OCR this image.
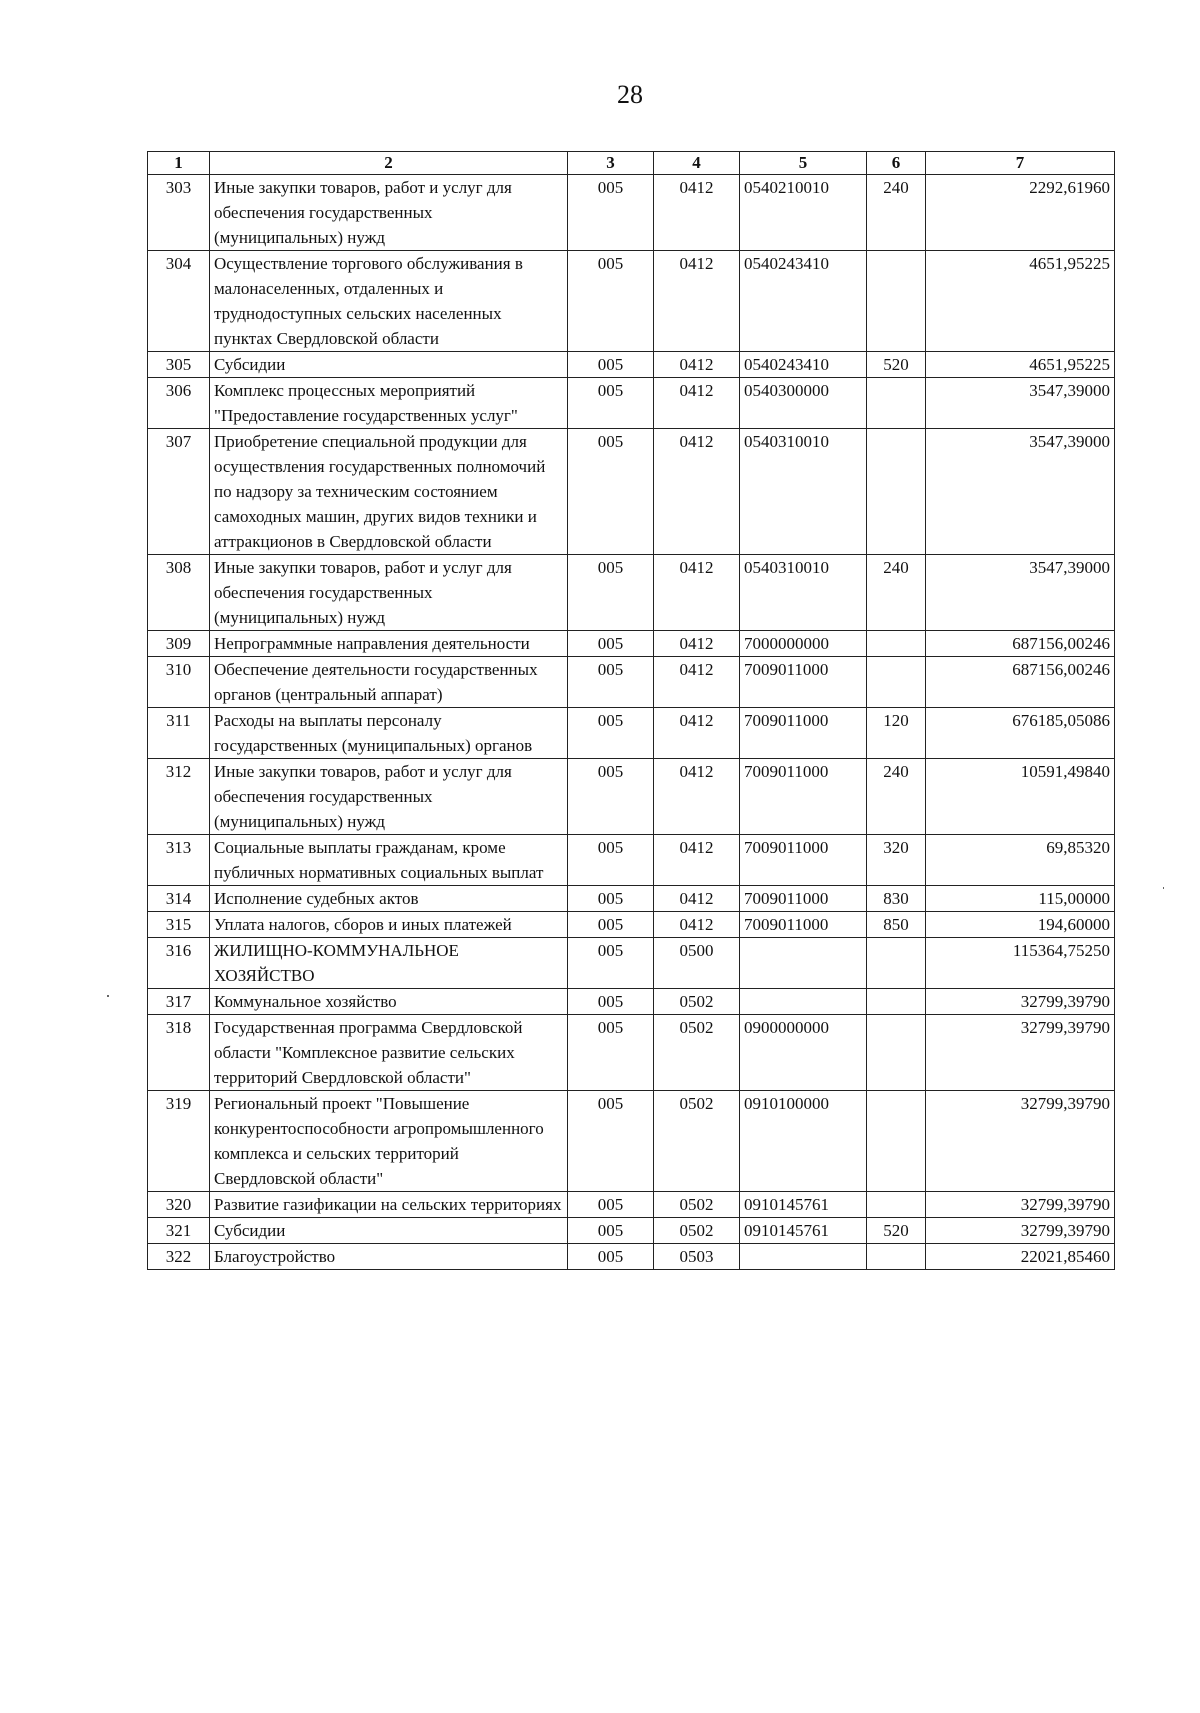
28
1	2	3	4	5	6	7
303	Иные закупки товаров, работ и услуг для обеспечения государственных (муниципальных) нужд	005	0412	0540210010	240	2292,61960
304	Осуществление торгового обслуживания в малонаселенных, отдаленных и труднодоступных сельских населенных пунктах Свердловской области	005	0412	0540243410		4651,95225
305	Субсидии	005	0412	0540243410	520	4651,95225
306	Комплекс процессных мероприятий "Предоставление государственных услуг"	005	0412	0540300000		3547,39000
307	Приобретение специальной продукции для осуществления государственных полномочий по надзору за техническим состоянием самоходных машин, других видов техники и аттракционов в Свердловской области	005	0412	0540310010		3547,39000
308	Иные закупки товаров, работ и услуг для обеспечения государственных (муниципальных) нужд	005	0412	0540310010	240	3547,39000
309	Непрограммные направления деятельности	005	0412	7000000000		687156,00246
310	Обеспечение деятельности государственных органов (центральный аппарат)	005	0412	7009011000		687156,00246
311	Расходы на выплаты персоналу государственных (муниципальных) органов	005	0412	7009011000	120	676185,05086
312	Иные закупки товаров, работ и услуг для обеспечения государственных (муниципальных) нужд	005	0412	7009011000	240	10591,49840
313	Социальные выплаты гражданам, кроме публичных нормативных социальных выплат	005	0412	7009011000	320	69,85320
314	Исполнение судебных актов	005	0412	7009011000	830	115,00000
315	Уплата налогов, сборов и иных платежей	005	0412	7009011000	850	194,60000
316	ЖИЛИЩНО-КОММУНАЛЬНОЕ ХОЗЯЙСТВО	005	0500			115364,75250
317	Коммунальное хозяйство	005	0502			32799,39790
318	Государственная программа Свердловской области "Комплексное развитие сельских территорий Свердловской области"	005	0502	0900000000		32799,39790
319	Региональный проект "Повышение конкурентоспособности агропромышленного комплекса и сельских территорий Свердловской области"	005	0502	0910100000		32799,39790
320	Развитие газификации на сельских территориях	005	0502	0910145761		32799,39790
321	Субсидии	005	0502	0910145761	520	32799,39790
322	Благоустройство	005	0503			22021,85460
